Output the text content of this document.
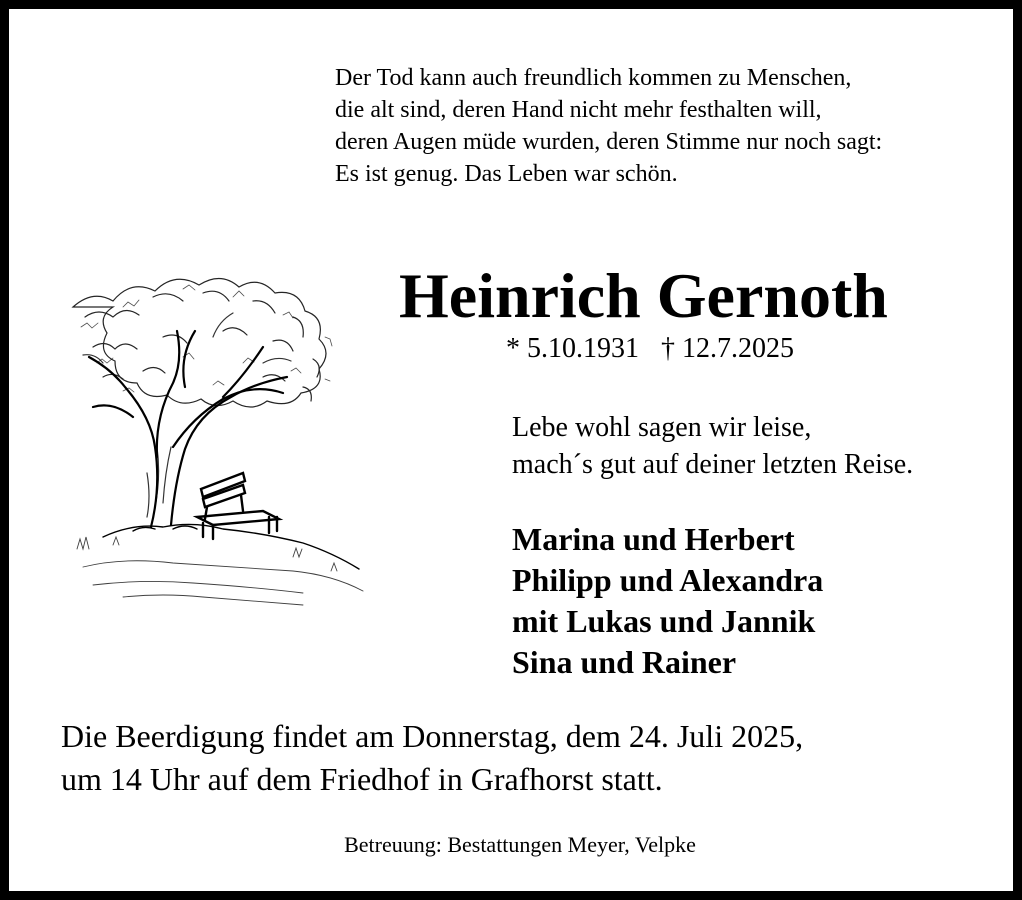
Der Tod kann auch freundlich kommen zu Menschen,
die alt sind, deren Hand nicht mehr festhalten will,
deren Augen müde wurden, deren Stimme nur noch sagt:
Es ist genug. Das Leben war schön.
Heinrich Gernoth
* 5.10.1931 † 12.7.2025
Lebe wohl sagen wir leise,
mach´s gut auf deiner letzten Reise.
Marina und Herbert
Philipp und Alexandra
mit Lukas und Jannik
Sina und Rainer
Die Beerdigung findet am Donnerstag, dem 24. Juli 2025,
um 14 Uhr auf dem Friedhof in Grafhorst statt.
Betreuung: Bestattungen Meyer, Velpke
